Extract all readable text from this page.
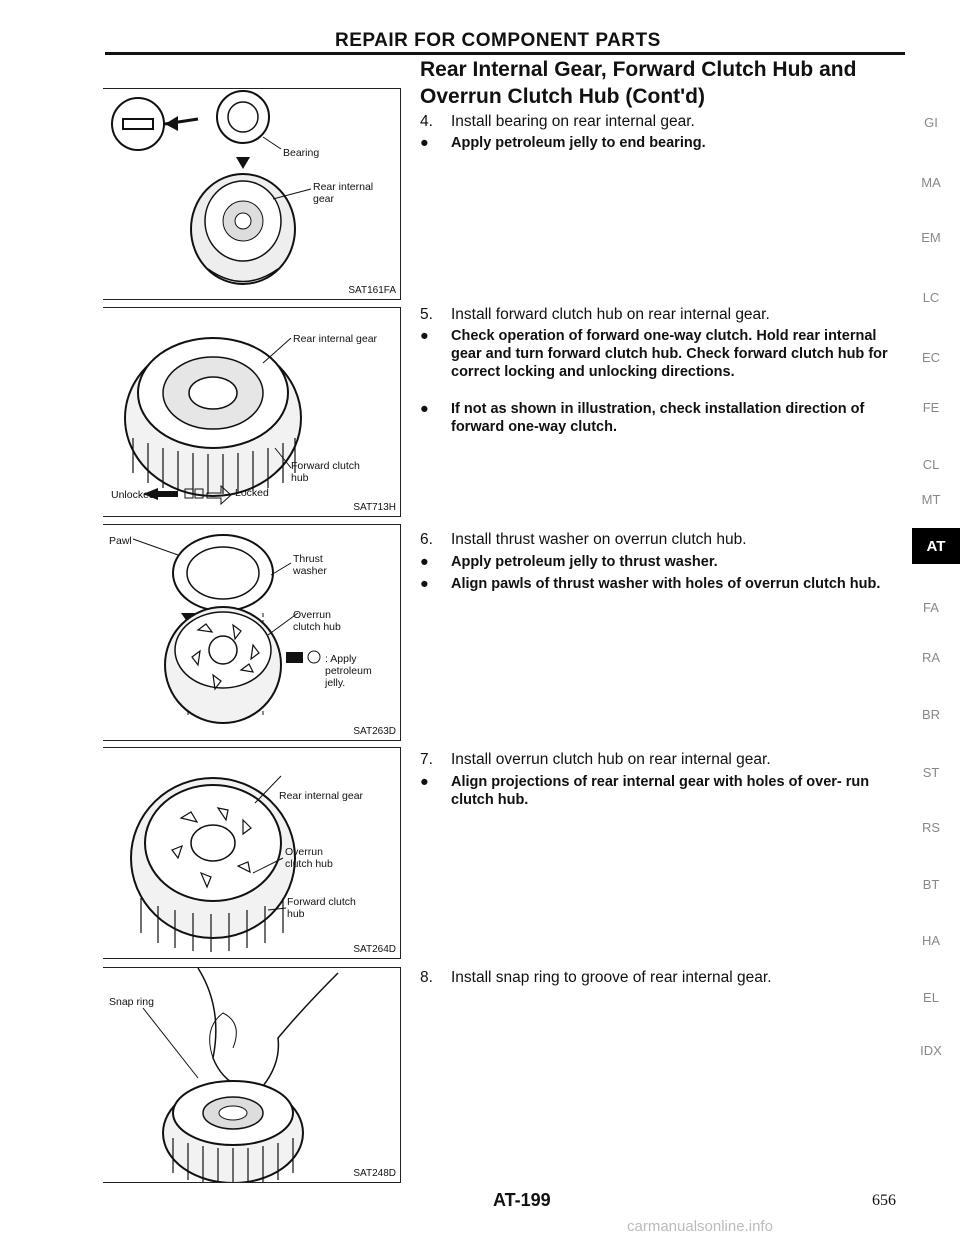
REPAIR FOR COMPONENT PARTS
Rear Internal Gear, Forward Clutch Hub and Overrun Clutch Hub (Cont'd)
Bearing
Rear internal gear
SAT161FA
Rear internal gear
Forward clutch hub
Unlocked	Locked
SAT713H
Pawl
Thrust washer
Overrun clutch hub
: Apply petroleum jelly.
SAT263D
Rear internal gear
Overrun clutch hub
Forward clutch hub
SAT264D
Snap ring
SAT248D
4. Install bearing on rear internal gear.
● Apply petroleum jelly to end bearing.
5. Install forward clutch hub on rear internal gear.
● Check operation of forward one-way clutch. Hold rear internal gear and turn forward clutch hub. Check forward clutch hub for correct locking and unlocking directions.
● If not as shown in illustration, check installation direction of forward one-way clutch.
6. Install thrust washer on overrun clutch hub.
● Apply petroleum jelly to thrust washer.
● Align pawls of thrust washer with holes of overrun clutch hub.
7. Install overrun clutch hub on rear internal gear.
● Align projections of rear internal gear with holes of over- run clutch hub.
8. Install snap ring to groove of rear internal gear.
GI
MA
EM
LC
EC
FE
CL
MT
AT
FA
RA
BR
ST
RS
BT
HA
EL
IDX
AT-199	656
carmanualsonline.info
